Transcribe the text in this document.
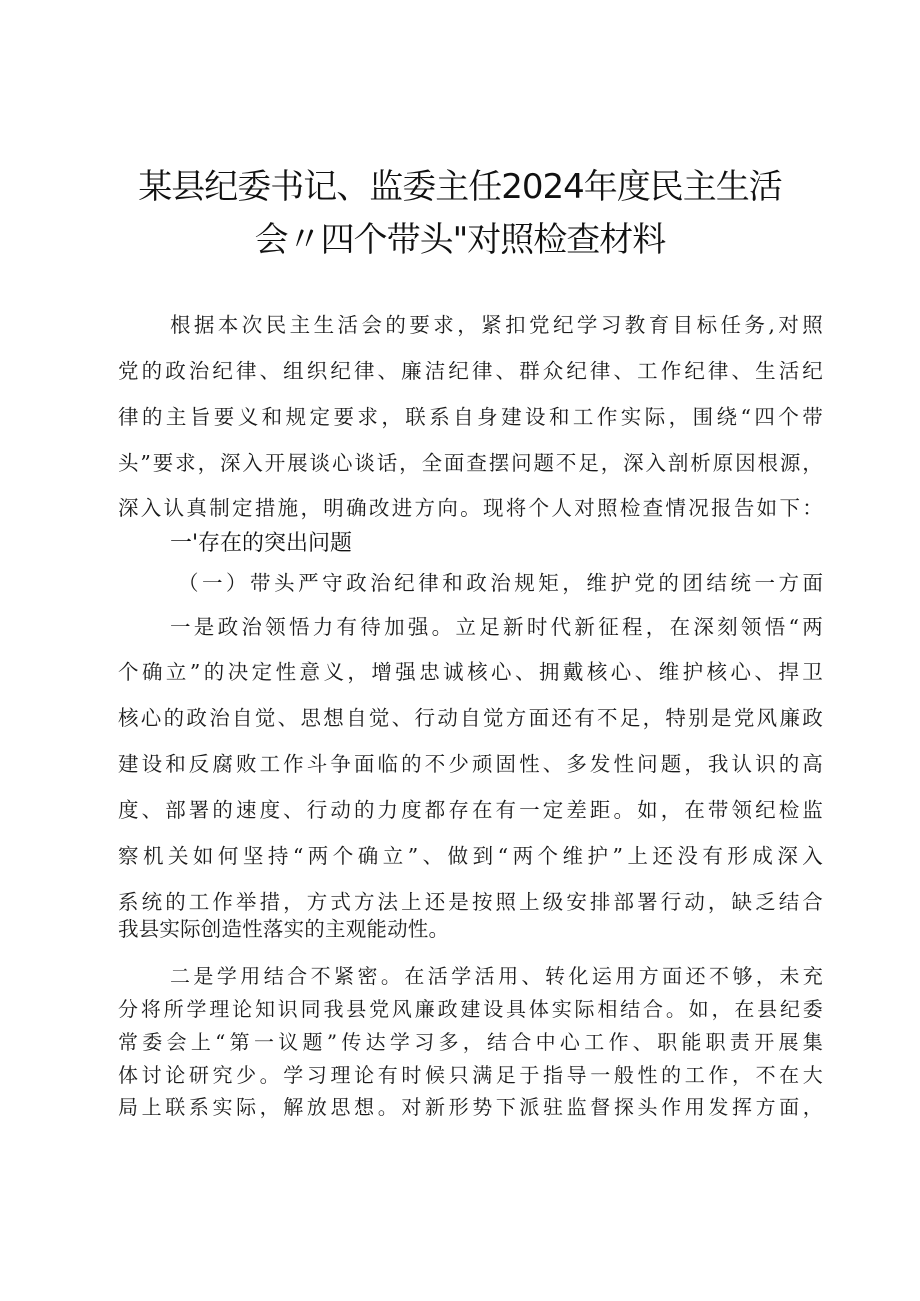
某县纪委书记、监委主任2024年度民主生活
会〃四个带头"对照检查材料
根据本次民主生活会的要求，紧扣党纪学习教育目标任务,对照
党的政治纪律、组织纪律、廉洁纪律、群众纪律、工作纪律、生活纪
律的主旨要义和规定要求，联系自身建设和工作实际，围绕“四个带
头”要求，深入开展谈心谈话，全面查摆问题不足，深入剖析原因根源，
深入认真制定措施，明确改进方向。现将个人对照检查情况报告如下：
一'存在的突出问题
（一）带头严守政治纪律和政治规矩，维护党的团结统一方面
一是政治领悟力有待加强。立足新时代新征程，在深刻领悟“两
个确立”的决定性意义，增强忠诚核心、拥戴核心、维护核心、捍卫
核心的政治自觉、思想自觉、行动自觉方面还有不足，特别是党风廉政
建设和反腐败工作斗争面临的不少顽固性、多发性问题，我认识的高
度、部署的速度、行动的力度都存在有一定差距。如，在带领纪检监
察机关如何坚持“两个确立”、做到“两个维护”上还没有形成深入
系统的工作举措，方式方法上还是按照上级安排部署行动，缺乏结合
我县实际创造性落实的主观能动性。
二是学用结合不紧密。在活学活用、转化运用方面还不够，未充
分将所学理论知识同我县党风廉政建设具体实际相结合。如，在县纪委
常委会上“第一议题”传达学习多，结合中心工作、职能职责开展集
体讨论研究少。学习理论有时候只满足于指导一般性的工作，不在大
局上联系实际，解放思想。对新形势下派驻监督探头作用发挥方面，
